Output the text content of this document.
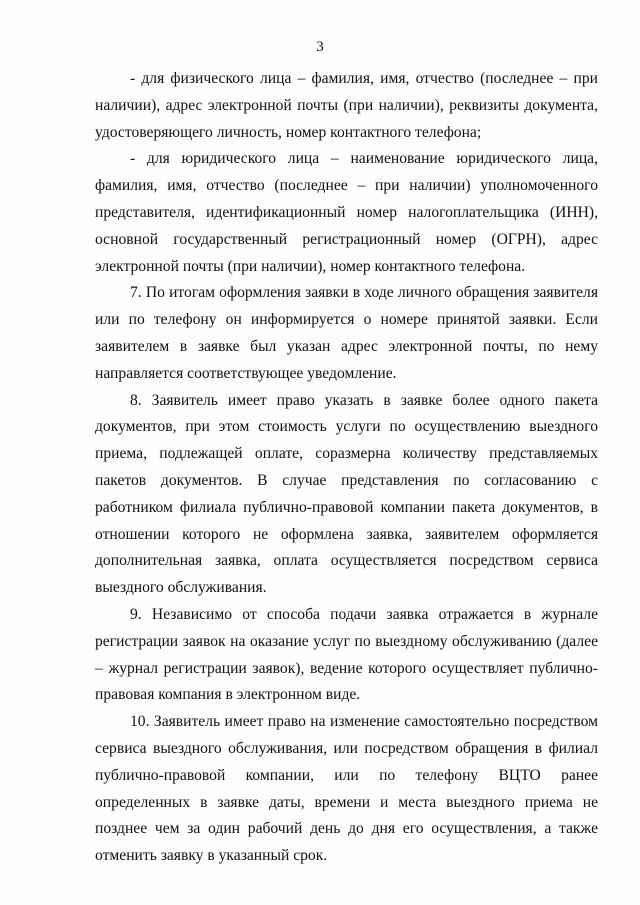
3

- для физического лица – фамилия, имя, отчество (последнее – при наличии), адрес электронной почты (при наличии), реквизиты документа, удостоверяющего личность, номер контактного телефона;

- для юридического лица – наименование юридического лица, фамилия, имя, отчество (последнее – при наличии) уполномоченного представителя, идентификационный номер налогоплательщика (ИНН), основной государственный регистрационный номер (ОГРН), адрес электронной почты (при наличии), номер контактного телефона.

7. По итогам оформления заявки в ходе личного обращения заявителя или по телефону он информируется о номере принятой заявки. Если заявителем в заявке был указан адрес электронной почты, по нему направляется соответствующее уведомление.

8. Заявитель имеет право указать в заявке более одного пакета документов, при этом стоимость услуги по осуществлению выездного приема, подлежащей оплате, соразмерна количеству представляемых пакетов документов. В случае представления по согласованию с работником филиала публично-правовой компании пакета документов, в отношении которого не оформлена заявка, заявителем оформляется дополнительная заявка, оплата осуществляется посредством сервиса выездного обслуживания.

9. Независимо от способа подачи заявка отражается в журнале регистрации заявок на оказание услуг по выездному обслуживанию (далее – журнал регистрации заявок), ведение которого осуществляет публично-правовая компания в электронном виде.

10. Заявитель имеет право на изменение самостоятельно посредством сервиса выездного обслуживания, или посредством обращения в филиал публично-правовой компании, или по телефону ВЦТО ранее определенных в заявке даты, времени и места выездного приема не позднее чем за один рабочий день до дня его осуществления, а также отменить заявку в указанный срок.
